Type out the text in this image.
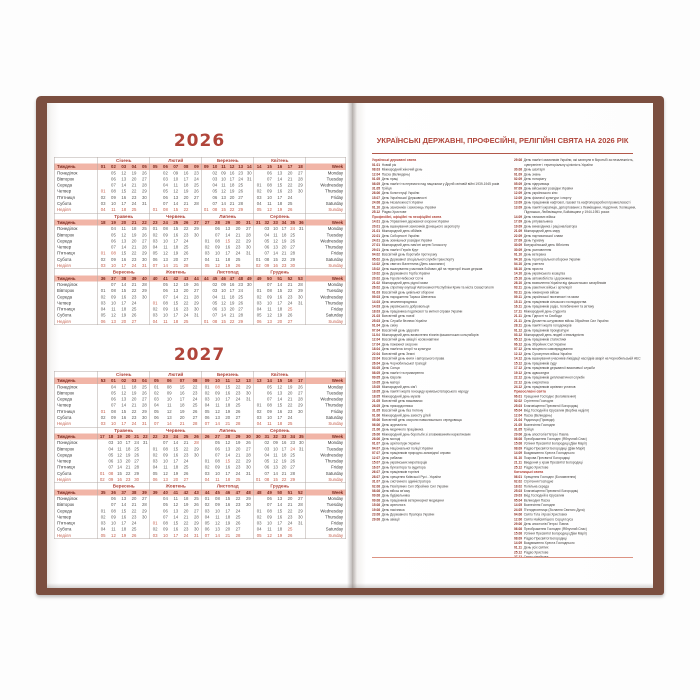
2026

Тиждень
Понеділок
Вівторок
Середа
Четвер
П'ятниця
Субота
Неділя
Січень
01 02 03 04 05
05 12 19 26
06 13 20 27
07 14 21 28
01 08 15 22 29
02 09 16 23 30
03 10 17 24 31
04 11 18 25
Лютий
05 06 07 08 09
02 09 16 23
03 10 17 24
04 11 18 25
05 12 19 26
06 13 20 27
07 14 21 28
01 08 15 22
Березень
09 10 11 12 13 14
02 09 16 23 30
03 10 17 24 31
04 11 18 25
05 12 19 26
06 13 20 27
07 14 21 28
01 08 15 22 29
Квітень
14 15 16 17 18
06 13 20 27
07 14 21 28
01 08 15 22 29
02 09 16 23 30
03 10 17 24
04 11 18 25
05 12 19 26

Week
Monday
Tuesday
Wednesday
Thursday
Friday
Saturday
Sunday

Тиждень
Понеділок
Вівторок
Середа
Четвер
П'ятниця
Субота
Неділя
Травень
18 19 20 21 22
04 11 18 25
05 12 19 26
06 13 20 27
07 14 21 28
01 08 15 22 29
02 09 16 23 30
03 10 17 24 31
Червень
23 24 25 26 27
01 08 15 22 29
02 09 16 23 30
03 10 17 24
04 11 18 25
05 12 19 26
06 13 20 27
07 14 21 28
Липень
27 28 29 30 31
06 13 20 27
07 14 21 28
01 08 15 22 29
02 09 16 23 30
03 10 17 24 31
04 11 18 25
05 12 19 26
Серпень
31 32 33 34 35 36
03 10 17 24 31
04 11 18 25
05 12 19 26
06 13 20 27
07 14 21 28
01 08 15 22 29
02 09 16 23 30

Week
Monday
Tuesday
Wednesday
Thursday
Friday
Saturday
Sunday

Тиждень
Понеділок
Вівторок
Середа
Четвер
П'ятниця
Субота
Неділя
Вересень
36 37 38 39 40
07 14 21 28
01 08 15 22 29
02 09 16 23 30
03 10 17 24
04 11 18 25
05 12 19 26
06 13 20 27
Жовтень
40 41 42 43 44
05 12 19 26
06 13 20 27
07 14 21 28
01 08 15 22 29
02 09 16 23 30
03 10 17 24 31
04 11 18 25
Листопад
44 45 46 47 48 49
02 09 16 23 30
03 10 17 24
04 11 18 25
05 12 19 26
06 13 20 27
07 14 21 28
01 08 15 22 29
Грудень
49 50 51 52 53
07 14 21 28
01 08 15 22 29
02 09 16 23 30
03 10 17 24 31
04 11 18 25
05 12 19 26
06 13 20 27

Week
Monday
Tuesday
Wednesday
Thursday
Friday
Saturday
Sunday
2027

Тиждень
Понеділок
Вівторок
Середа
Четвер
П'ятниця
Субота
Неділя
Січень
53 01 02 03 04
04 11 18 25
05 12 19 26
06 13 20 27
07 14 21 28
01 08 15 22 29
02 09 16 23 30
03 10 17 24 31
Лютий
05 06 07 08
01 08 15 22
02 09 16 23
03 10 17 24
04 11 18 25
05 12 19 26
06 13 20 27
07 14 21 28
Березень
09 10 11 12 13
01 08 15 22 29
02 09 16 23 30
03 10 17 24 31
04 11 18 25
05 12 19 26
06 13 20 27
07 14 21 28
Квітень
13 14 15 16 17
05 12 19 26
06 13 20 27
07 14 21 28
01 08 15 22 29
02 09 16 23 30
03 10 17 24
04 11 18 25

Week
Monday
Tuesday
Wednesday
Thursday
Friday
Saturday
Sunday

Тиждень
Понеділок
Вівторок
Середа
Четвер
П'ятниця
Субота
Неділя
Травень
17 18 19 20 21 22
03 10 17 24 31
04 11 18 25
05 12 19 26
06 13 20 27
07 14 21 28
01 08 15 22 29
02 09 16 23 30
Червень
22 23 24 25 26
07 14 21 28
01 08 15 22 29
02 09 16 23 30
03 10 17 24
04 11 18 25
05 12 19 26
06 13 20 27
Липень
26 27 28 29 30
05 12 19 26
06 13 20 27
07 14 21 28
01 08 15 22 29
02 09 16 23 30
03 10 17 24 31
04 11 18 25
Серпень
30 31 32 33 34 35
02 09 16 23 30
03 10 17 24 31
04 11 18 25
05 12 19 26
06 13 20 27
07 14 21 28
01 08 15 22 29

Week
Monday
Tuesday
Wednesday
Thursday
Friday
Saturday
Sunday

Тиждень
Понеділок
Вівторок
Середа
Четвер
П'ятниця
Субота
Неділя
Вересень
35 36 37 38 39
06 13 20 27
07 14 21 28
01 08 15 22 29
02 09 16 23 30
03 10 17 24
04 11 18 25
05 12 19 26
Жовтень
39 40 41 42 43
04 11 18 25
05 12 19 26
06 13 20 27
07 14 21 28
01 08 15 22 29
02 09 16 23 30
03 10 17 24 31
Листопад
44 45 46 47 48
01 08 15 22 29
02 09 16 23 30
03 10 17 24
04 11 18 25
05 12 19 26
06 13 20 27
07 14 21 28
Грудень
48 49 50 51 52
06 13 20 27
07 14 21 28
01 08 15 22 29
02 09 16 23 30
03 10 17 24 31
04 11 18 25
05 12 19 26

Week
Monday
Tuesday
Wednesday
Thursday
Friday
Saturday
Sunday
УКРАЇНСЬКІ ДЕРЖАВНІ, ПРОФЕСІЙНІ, РЕЛІГІЙНІ СВЯТА НА 2026 РІК
Українські державні свята
01.01 Новий рік
08.03 Міжнародний жіночий день
12.04 Пасха (Великдень)
01.05 День праці
08.05 День пам'яті та перемоги над нацизмом у Другій світовій війні 1939-1945 років
31.05 Трійця
28.06 День Конституції України
15.07 День Української Державності
24.08 День Незалежності України
01.10 День захисників і захисниць України
25.12 Різдво Христове
Професійні, офіційні та неофіційні свята
14.01 День Управління державної охорони України
20.01 День вшанування захисників Донецького аеропорту
21.01 Міжнародний день обіймів
22.01 День Соборності України
24.01 День зовнішньої розвідки України
27.01 Міжнародний день пам'яті жертв Голокосту
29.01 День пам'яті Героїв Крут
04.02 Всесвітній день боротьби проти раку
05.02 День Державної спеціальної служби транспорту
14.02 День святого Валентина (День закоханих)
15.02 День вшанування учасників бойових дій на території інших держав
19.02 День Державного Герба України
20.02 День Героїв Небесної Сотні
21.02 Міжнародний день рідної мови
26.02 День спротиву окупації Автономної Республіки Крим та міста Севастополя
01.03 Всесвітній день цивільної оборони
09.03 День народження Тараса Шевченка
14.03 День землевпорядника
14.03 День українського добровольця
18.03 День працівника податкової та митної справи України
21.03 Всесвітній день поезії
25.03 День Служби безпеки України
01.04 День сміху
07.04 Всесвітній день здоров'я
11.04 Міжнародний день визволення в'язнів фашистських концтаборів
12.04 Всесвітній день авіації і космонавтики
17.04 День пожежної охорони
18.04 День пам'яток історії та культури
22.04 Всесвітній день Землі
23.04 Всесвітній день книги і авторського права
26.04 День Чорнобильської трагедії
03.05 День Сонця
08.05 День пам'яті та примирення
09.05 День Європи
10.05 День матері
15.05 Міжнародний день сім'ї
18.05 День пам'яті жертв геноциду кримськотатарського народу
18.05 Міжнародний день музеїв
21.05 Всесвітній день вишиванки
28.05 День прикордонника
31.05 Всесвітній день без тютюну
01.06 Міжнародний день захисту дітей
05.06 Всесвітній день охорони навколишнього середовища
06.06 День журналіста
21.06 День медичного працівника
26.06 Міжнародний день боротьби зі зловживанням наркотиками
28.06 День молоді
01.07 День архітектури України
04.07 День Національної поліції України
07.07 День працівників природно-заповідної справи
12.07 День рибалки
15.07 День українських миротворців
16.07 День бухгалтера та аудитора
26.07 День працівників торгівлі
28.07 День хрещення Київської Русі - України
31.07 День системного адміністратора
02.08 День Повітряних Сил Збройних Сил України
08.08 День військ зв'язку
09.08 День будівельника
09.08 День працівників ветеринарної медицини
15.08 День археолога
19.08 День пасічника
23.08 День Державного Прапора України
29.08 День авіації
29.08 День пам'яті захисників України, які загинули в боротьбі за незалежність, суверенітет і територіальну цілісність України
30.08 День шахтаря
01.09 День знань
02.09 День нотаріату
05.09 День підприємця
07.09 День військової розвідки України
12.09 День українського кіно
12.09 День фізичної культури і спорту
13.09 День працівників нафтової, газової та нафтопереробної промисловості
13.09 День пам'яті українців, депортованих з Лемківщини, Надсяння, Холмщини, Підляшшя, Любачівщини, Бойківщини у 1944-1951 роках
14.09 День танкових військ
17.09 День рятувальника
19.09 День винахідника і раціоналізатора
21.09 Міжнародний день миру
22.09 День партизанської слави
27.09 День туризму
30.09 Всеукраїнський день бібліотек
30.09 День усиновлення
01.10 День ветерана
04.10 День територіальної оборони України
04.10 День учителя
08.10 День юриста
14.10 День українського козацтва
25.10 День автомобіліста і дорожника
28.10 День визволення України від фашистських загарбників
03.11 День ракетних військ і артилерії
03.11 День інженерних військ
09.11 День української писемності та мови
15.11 День працівників сільського господарства
16.11 День працівників радіо, телебачення та зв'язку
17.11 Міжнародний день студента
21.11 День Гідності та Свободи
21.11 День Десантно-штурмових військ Збройних Сил України
28.11 День пам'яті жертв голодоморів
01.12 День працівників прокуратури
03.12 Міжнародний день людей з інвалідністю
05.12 День працівників статистики
06.12 День Збройних Сил України
07.12 День місцевого самоврядування
12.12 День Сухопутних військ України
14.12 День вшанування учасників ліквідації наслідків аварії на Чорнобильській АЕС
15.12 День працівників суду
17.12 День працівників державної виконавчої служби
19.12 День адвокатури
22.12 День працівників дипломатичної служби
22.12 День енергетика
24.12 День працівників архівних установ
Православні свята
06.01 Хрещення Господнє (Богоявлення)
02.02 Стрітення Господнє
25.03 Благовіщення Пресвятої Богородиці
05.04 Вхід Господній в Єрусалим (Вербна неділя)
12.04 Пасха (Великдень)
21.04 Радониця (Проводи)
21.05 Вознесіння Господнє
31.05 Трійця
29.06 День апостолів Петра і Павла
06.08 Преображення Господнє (Яблучний Спас)
15.08 Успіння Пресвятої Богородиці (Діви Марії)
08.09 Різдво Пресвятої Богородиці (Діви Марії)
14.09 Воздвиження Хреста Господнього
01.10 Покрова Пресвятої Богородиці
21.11 Введення у храм Пресвятої Богородиці
25.12 Різдво Христове
Католицькі свята
06.01 Хрещення Господнє (Богоявлення)
02.02 Стрітення Господнє
18.02 Попільна середа
25.03 Благовіщення Пресвятої Богородиці
29.03 Вхід Господній в Єрусалим
05.04 Великодня Пасха
14.05 Вознесіння Господнє
24.05 П'ятидесятниця (Зіслання Святого Духа)
04.06 Свято Тіла і Крові Христових
12.06 Свято Найсвятішого Серця Ісуса
29.06 День апостолів Петра і Павла
06.08 Преображення Господнє (Яблучний Спас)
15.08 Успіння Пресвятої Богородиці (Діви Марії)
08.09 Різдво Пресвятої Богородиці
14.09 Воздвиження Хреста Господнього
01.11 День усіх святих
25.12 Різдво Христове
27.12 Свято сімейства
